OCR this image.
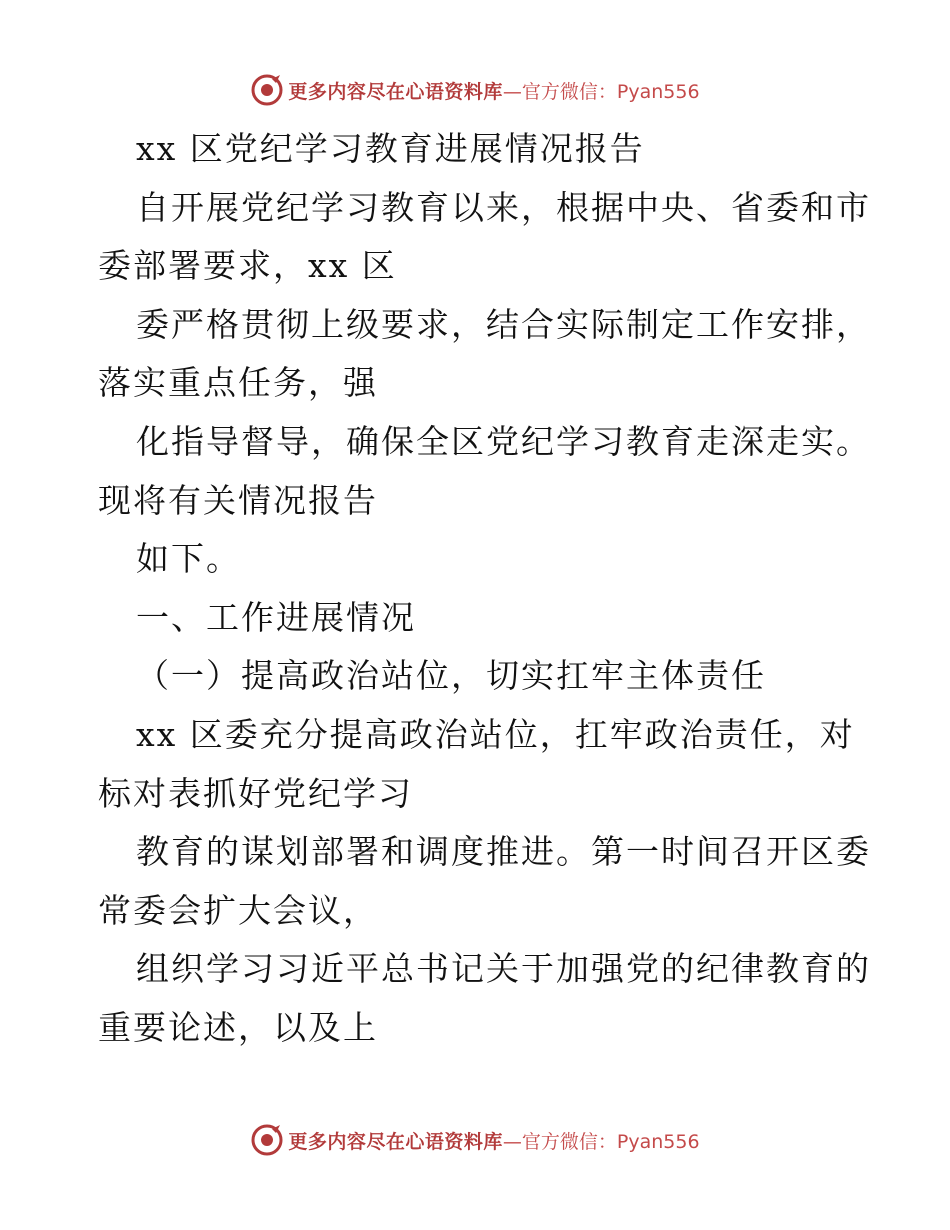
更多内容尽在心语资料库 —官方微信：Pyan556
xx 区党纪学习教育进展情况报告
自开展党纪学习教育以来，根据中央、省委和市
委部署要求，xx 区
委严格贯彻上级要求，结合实际制定工作安排，
落实重点任务，强
化指导督导，确保全区党纪学习教育走深走实。
现将有关情况报告
如下。
一、工作进展情况
（一）提高政治站位，切实扛牢主体责任
xx 区委充分提高政治站位，扛牢政治责任，对
标对表抓好党纪学习
教育的谋划部署和调度推进。第一时间召开区委
常委会扩大会议，
组织学习习近平总书记关于加强党的纪律教育的
重要论述，以及上
更多内容尽在心语资料库 —官方微信：Pyan556
